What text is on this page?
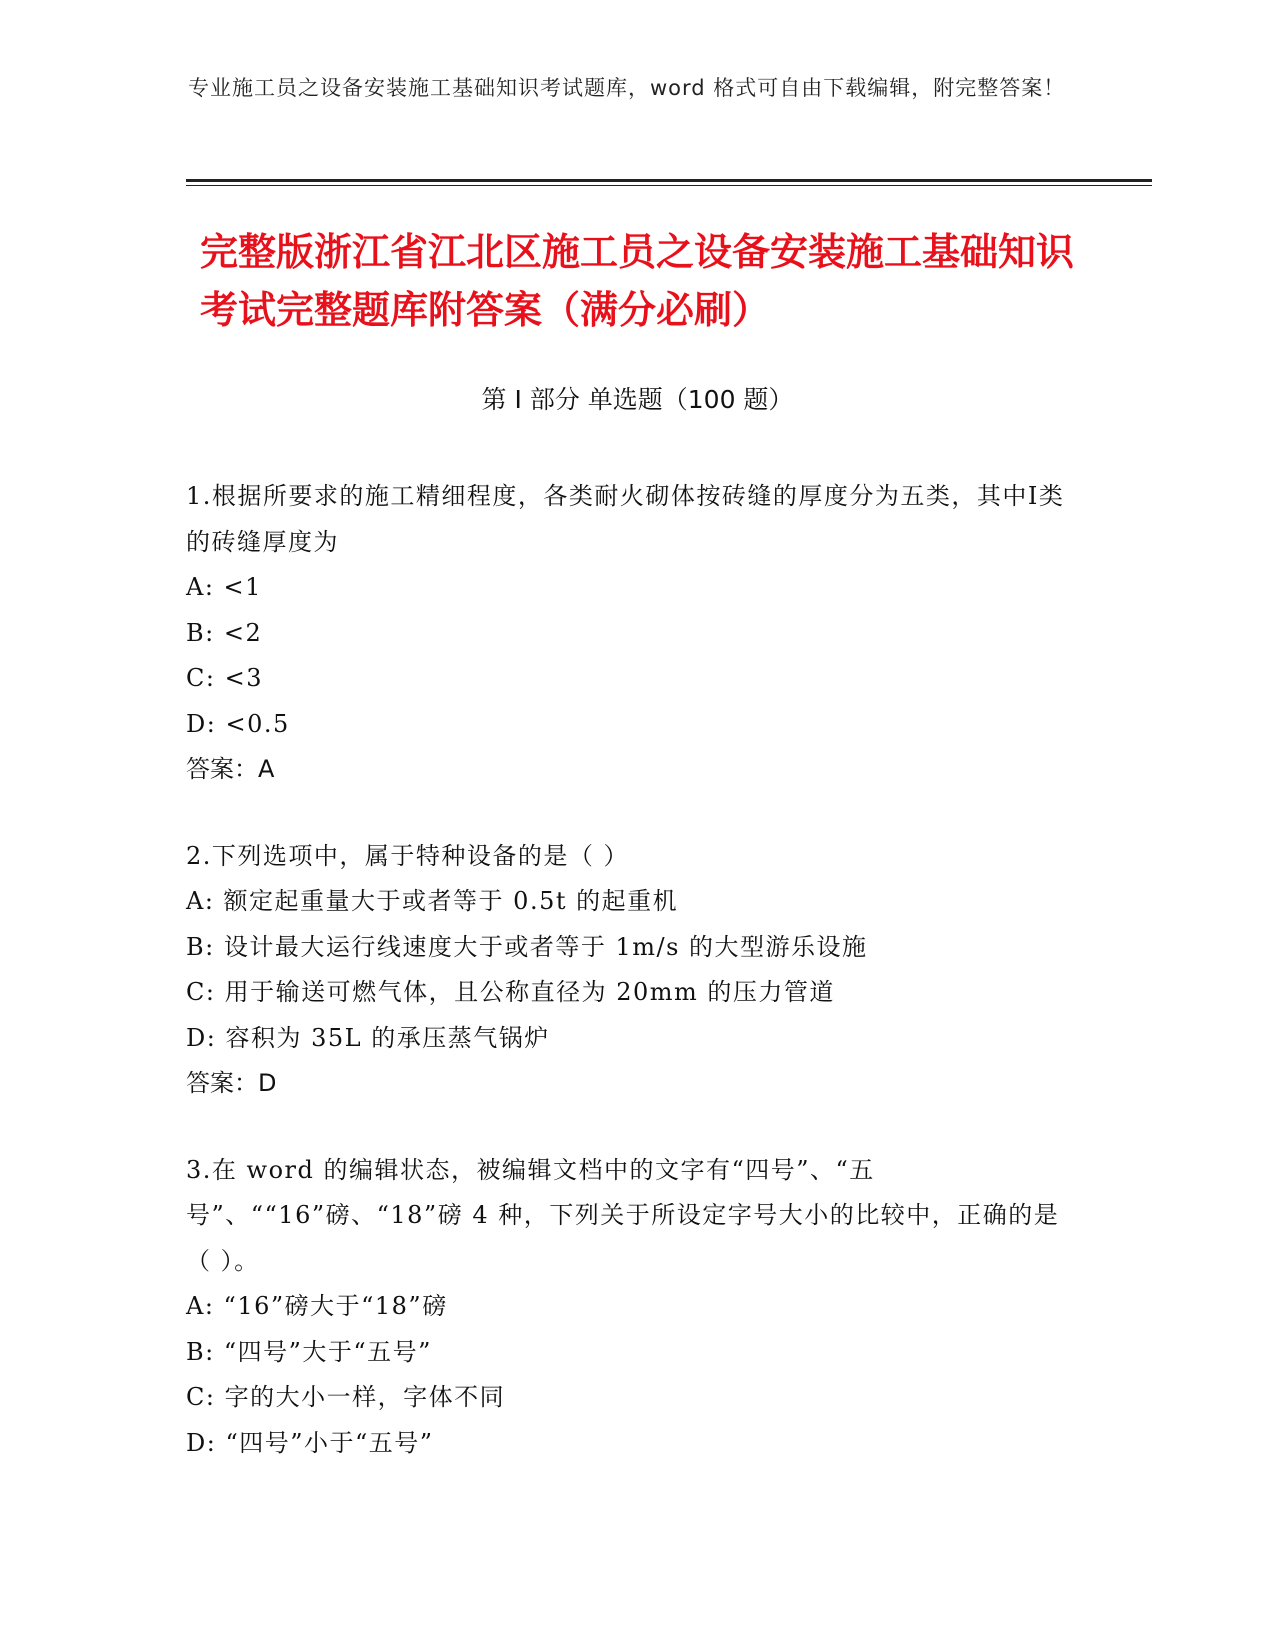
专业施工员之设备安装施工基础知识考试题库，word 格式可自由下载编辑，附完整答案！
完整版浙江省江北区施工员之设备安装施工基础知识考试完整题库附答案（满分必刷）
第 I 部分 单选题（100 题）
1.根据所要求的施工精细程度，各类耐火砌体按砖缝的厚度分为五类，其中Ⅰ类的砖缝厚度为
A: <1
B: <2
C: <3
D: <0.5
答案：A
2.下列选项中，属于特种设备的是（ ）
A: 额定起重量大于或者等于 0.5t 的起重机
B: 设计最大运行线速度大于或者等于 1m/s 的大型游乐设施
C: 用于输送可燃气体，且公称直径为 20mm 的压力管道
D: 容积为 35L 的承压蒸气锅炉
答案：D
3.在 word 的编辑状态，被编辑文档中的文字有“四号”、“五号”、““16”磅、“18”磅 4 种，下列关于所设定字号大小的比较中，正确的是（ ）。
A: “16”磅大于“18”磅
B: “四号”大于“五号”
C: 字的大小一样，字体不同
D: “四号”小于“五号”
